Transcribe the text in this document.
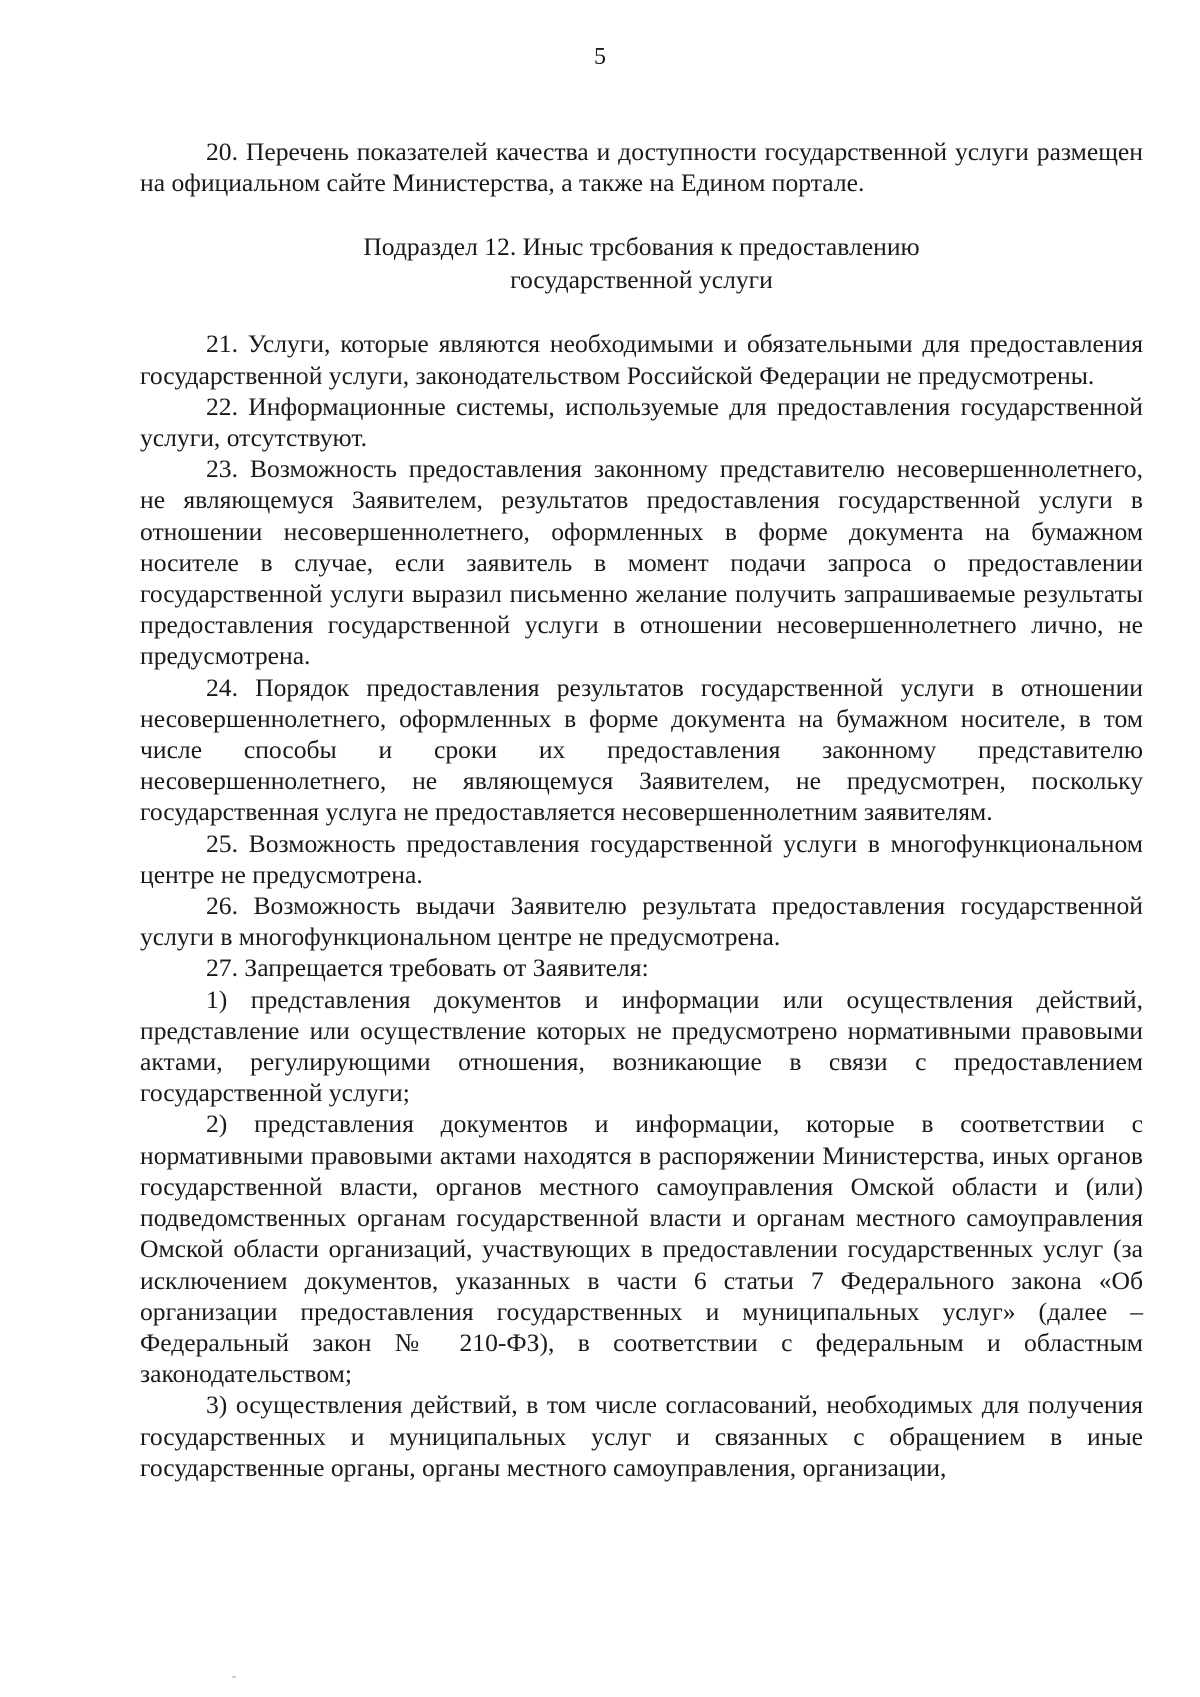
5

20. Перечень показателей качества и доступности государственной услуги размещен на официальном сайте Министерства, а также на Едином портале.

Подраздел 12. Иныс трсбования к предоставлению
государственной услуги

21. Услуги, которые являются необходимыми и обязательными для предоставления государственной услуги, законодательством Российской Федерации не предусмотрены.

22. Информационные системы, используемые для предоставления государственной услуги, отсутствуют.

23. Возможность предоставления законному представителю несовершеннолетнего, не являющемуся Заявителем, результатов предоставления государственной услуги в отношении несовершеннолетнего, оформленных в форме документа на бумажном носителе в случае, если заявитель в момент подачи запроса о предоставлении государственной услуги выразил письменно желание получить запрашиваемые результаты предоставления государственной услуги в отношении несовершеннолетнего лично, не предусмотрена.

24. Порядок предоставления результатов государственной услуги в отношении несовершеннолетнего, оформленных в форме документа на бумажном носителе, в том числе способы и сроки их предоставления законному представителю несовершеннолетнего, не являющемуся Заявителем, не предусмотрен, поскольку государственная услуга не предоставляется несовершеннолетним заявителям.

25. Возможность предоставления государственной услуги в многофункциональном центре не предусмотрена.

26. Возможность выдачи Заявителю результата предоставления государственной услуги в многофункциональном центре не предусмотрена.

27. Запрещается требовать от Заявителя:

1) представления документов и информации или осуществления действий, представление или осуществление которых не предусмотрено нормативными правовыми актами, регулирующими отношения, возникающие в связи с предоставлением государственной услуги;

2) представления документов и информации, которые в соответствии с нормативными правовыми актами находятся в распоряжении Министерства, иных органов государственной власти, органов местного самоуправления Омской области и (или) подведомственных органам государственной власти и органам местного самоуправления Омской области организаций, участвующих в предоставлении государственных услуг (за исключением документов, указанных в части 6 статьи 7 Федерального закона «Об организации предоставления государственных и муниципальных услуг» (далее – Федеральный закон № 210-ФЗ), в соответствии с федеральным и областным законодательством;

3) осуществления действий, в том числе согласований, необходимых для получения государственных и муниципальных услуг и связанных с обращением в иные государственные органы, органы местного самоуправления, организации,
